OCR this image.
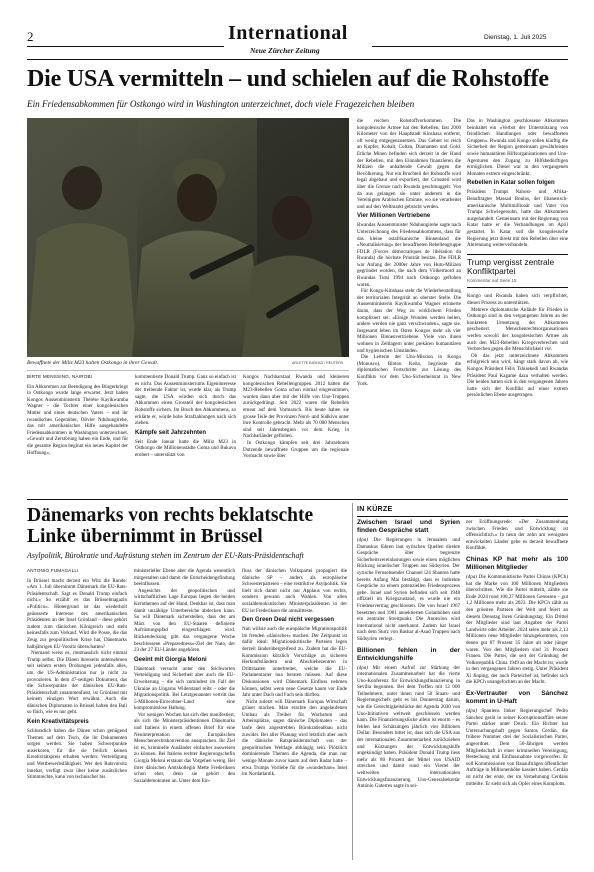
2	International
Neue Zürcher Zeitung
Dienstag, 1. Juli 2025
Die USA vermitteln – und schielen auf die Rohstoffe
Ein Friedensabkommen für Ostkongo wird in Washington unterzeichnet, doch viele Fragezeichen bleiben
Bewaffnete der Miliz M23 halten Ostkongo in ihrer Gewalt.	ARLETTE BASHIZI / REUTERS
BIRTE MENSSING, NAIROBI

Ein Abkommen zur Beendigung des Bürgerkriegs in Ostkongo wurde lange erwartet. Jetzt haben Kongos Aussenministerin Thérèse Kayikwamba Wagner – die Tochter einer kongolesischen Mutter und eines deutschen Vaters – und ihr rwandisches Gegenüber, Olivier Nduhungirehe, das mit amerikanischer Hilfe ausgehandelte Friedensabkommen in Washington unterzeichnet. «Gewalt und Zerstörung haben ein Ende, und für die gesamte Region beginnt ein neues Kapitel der Hoffnung»,

kommentierte Donald Trump. Ganz so einfach ist es nicht. Das Aussenministeriums Eigeninteresse der treibende Faktor ist, wurde klar, als Trump sagte, die USA würden sich durch das Abkommen einen Grossteil der kongolesischen Rohstoffe sichern. Im Bruch des Abkommens, so erklärte er, würde hohe Strafzahlungen nach sich ziehen.

Kämpfe seit Jahrzehnten

Seit Ende Januar hatte die Miliz M23 in Ostkongo die Millionenstädte Goma und Bukavu erobert – unterstützt von

Kongos Nachbarstaat Rwanda und kleineren kongolesischen Rebellengruppen. 2012 hatten die M23-Rebellen Goma schon einmal eingenommen, wurden dann aber mit der Hilfe von Uno-Truppen zurückgedrängt. Seit 2022 waren die Rebellen erneut auf dem Vormarsch. Bis heute haben sie grosse Teile der Provinzen Nord- und Südkivu unter ihre Kontrolle gebracht. Mehr als 70 000 Menschen sind seit Jahresbeginn vor dem Krieg in Nachbarländer geflohen.

In Ostkongo kämpfen seit drei Jahrzehnten Dutzende bewaffnete Gruppen um die regionale Vormacht sowie über

die reichen Rohstoffvorkommen. Die kongolesische Armee hat den Rebellen, fast 2000 Kilometer von der Hauptstadt Kinshasa entfernt, oft wenig entgegenzusetzen. Das Gebiet ist reich an Kupfer, Kobalt, Coltan, Diamanten und Gold. Etliche Minen befinden sich derzeit in der Hand der Rebellen, mit den Einnahmen finanzieren die Milizen die anhaltende Gewalt gegen die Bevölkerung. Nur ein Bruchteil der Rohstoffe wird legal abgebaut und exportiert, der Grossteil wird über die Grenze nach Rwanda geschmuggelt. Von da aus gelangen sie unter anderem in die Vereinigten Arabischen Emirate, wo sie verarbeitet und auf den Weltmarkt gebracht werden.

Vier Millionen Vertriebene

Rwandas Aussenminister Nduhungirehe sagte nach Unterzeichnung des Friedensabkommens, dass für das kleine ostafrikanische Binnenland die «Neutralisierung» der bewaffneten Rebellengruppe FDLR (Forces démocratiques de libération du Rwanda) die höchste Priorität besitze. Die FDLR war Anfang der 2000er Jahre von Hutu-Milizen gegründet worden, die nach dem Völkermord an Rwandas Tutsi 1994 nach Ostkongo geflohen waren.

Für Kongo-Kinshasa steht die Wiederherstellung der territorialen Integrität an oberster Stelle. Die Aussenministerin Kayikwamba Wagner erinnerte daran, dass der Weg zu wirklichem Frieden kompliziert sei: «Einige Wunden werden heilen, andere werden nie ganz verschwinden», sagte sie. Insgesamt leben im Osten Kongos mehr als vier Millionen Binnenvertriebene. Viele von ihnen wohnen in Zeltlagern unter prekären humanitären und hygienischen Umständen.

Die Leiterin der Uno-Mission in Kongo (Monusco), Bintou Keita, begrüsste die diplomatischen Fortschritte zur Lösung des Konflikts vor dem Uno-Sicherheitsrat in New York.

Das in Washington geschlossene Abkommen beinhaltet ein «Verbot der Unterstützung von feindlichen Handlungen oder bewaffneten Gruppen». Rwanda und Kongo sollen künftig die Sicherheit der Region gemeinsam gewährleisten sowie humanitären Hilfsorganisationen und Uno-Agenturen den Zugang zu Hilfsbedürftigen ermöglichen. Dieser war in den vergangenen Monaten extrem eingeschränkt.

Rebellen in Katar sollen folgen

Präsident Trumps Nahost- und Afrika-Beauftragter Massad Boulos, der libanesisch-amerikanische Multimillionär und Vater von Trumps Schwiegersohn, hatte das Abkommen ausgehandelt. Gemeinsam mit der Regierung von Katar hatte er die Verhandlungen im April gestartet. In Katar soll die kongolesische Regierung jetzt direkt mit den Rebellen über eine Abtrennung weiterverhandeln.

Trump vergisst zentrale Konfliktpartei
Kommentar auf Seite 15

Kongo und Rwanda haben sich verpflichtet, diesen Prozess zu unterstützen.

Mehrere diplomatische Anläufe für Frieden in Ostkongo sind in den vergangenen Jahren an der konkreten Umsetzung der Abkommen gescheitert. Menschenrechtsorganisationen werfen sowohl der kongolesischen Armee als auch den M23-Rebellen Kriegsverbrechen und Verbrechen gegen die Menschlichkeit vor.

Ob das jetzt unterzeichnete Abkommen erfolgreich sein wird, hängt stark davon ab, wie Kongos Präsident Félix Tshisekedi und Rwandas Präsident Paul Kagame dazu verhalten werden. Die beiden hatten sich in den vergangenen Jahren hatte sich der Konflikt auf einer extrem persönlichen Ebene ausgetragen.

Dänemarks von rechts beklatschte
Linke übernimmt in Brüssel
Asylpolitik, Bürokratie und Aufrüstung stehen im Zentrum der EU-Rats-Präsidentschaft
ANTONIO FUMAGALLI

In Brüssel macht derzeit ein Witz die Runde: «Am 1. Juli übernimmt Dänemark die EU-Rats-Präsidentschaft. Sagt es Donald Trump einfach nicht.» So erzählt es das Brüsselmagazin «Politico». Hintergrund ist das wiederholt geäusserte Interesse des amerikanischen Präsidenten an der Insel Grönland – diese gehört zudem zum dänischen Königreich und steht keinesfalls zum Verkauf. Wird die Posse, die das Zeug zur geopolitischen Krise hat, Dänemarks halbjährigen EU-Vorsitz überschatten?

Niemand weiss es, mutmasslich nicht einmal Trump selbst. Die Dänen ihrerseits unternehmen seit seinem ersten Drohungen jedenfalls alles, um die US-Administration nur ja nicht zu provozieren. In dem 47-seitigen Dokument, das die Schwerpunkte der dänischen EU-Rats-Präsidentschaft zusammenfasst, ist Grönland mit keinem einzigen Wort erwähnt. Auch die dänischen Diplomaten in Brüssel halten den Ball so flach, wie es nur geht.

Kein Kreativitätspreis

Schlussdich haben die Dänen schon genügend Themen auf dem Tisch, die ihr Dokumenten sorgen werden. Sie haben Schwerpunkte auserkoren, für die sie freilich keinen Kreativitätspreis erhalten werden: Verteidigung und Wettbewerbsfähigkeit. Wer den Ratsvorsitz innehat, verfügt zwar über keine zusätzlichen Stimmrechte, kann von technischer bis

ministerieller Ebene aber die Agenda wesentlich mitgestalten und damit die Entscheidungsfindung beeinflussen.

Angesichts der geopolitischen und wirtschaftlichen Lage Europas liegen die beiden Kernthemen auf der Hand. Denkbar ist, dass man damit unzählige Unterbereiche abdecken kann. So will Dänemark sicherstellen, dass der am März von den EU-Staaten definierte Aufrüstungspfad eingeschlagen wird. Rückendeckung gibt das vergangene Woche beschlossene «Preparedness»-Ziel der Nato, der 23 der 27 EU-Länder angehören.

Geeint mit Giorgia Meloni

Dänemark versucht unter den Stichworten Verteidigung und Sicherheit aber auch die EU-Erweiterung – die sich zumindest im Fall der Ukraine an Ungarns Widerstand reibt – oder die Migrationspolitik. Bei Letztgenannter vertritt das 5-Millionen-Einwohner-Land eine kompromisslose Haltung.

Vor wenigen Wochen hat sich dies manifestiert, als sich die Ministerpräsidentinnen Dänemarks und Italiens in einem offenen Brief für eine Neuinterpretation der Europäischen Menschenrechtskonvention aussprachen. Ihr Ziel ist es, kriminelle Ausländer einfacher ausweisen zu können. Bei Italiens rechter Regierungschefin Giorgia Meloni erstaunt das Vorgehen wenig. Bei ihrer dänischen Amtskollegin Mette Frederiksen schon eher, denn sie gehört den Sozialdemokraten an. Unter dem Ein-

fluss der dänischen Volkspartei propagiert die dänische SP – anders als europäische Schwesterparteien – eine restriktive Asylpolitik. Sie hielt sich damit nicht nur Applaus von rechts, sondern gewann auch Wahlen. Von allen sozialdemokratischen Ministerpräsidenten in der EU ist Frederiksen die amtsältteste.

Den Green Deal nicht vergessen

Nun willsie auch die europäische Migrationspolitik im frenden «dänischer» machen. Der Zeitpunkt ist dafür ideal: Migrationskritische Parteien legen derzeit länderübergreifend zu. Zudem hat die EU-Kommission kürzlich Vorschläge zu sicheren Herkunftsländern und Abschiebezentren in Drittstaaten unterbreitet, welche die EU-Parlamentarier nun beraten müssen. Auf diese Diskussionen wird Dänemark Einfluss nehmen können, selbst wenn neue Gesetze kaum vor Ende Jahr unter Dach und Fach sein dürften.

Nicht zuletzt will Dänemark Europas Wirtschaft grüner machen. Man erachte den angelaufenen Umbau als Treiber für Wachstum und Arbeitsplätze, sagen dänische Diplomaten – das laufe dem angestrebten Bürokratieabbau nicht zuwider. Bei aller Planung wird letztlich aber auch die dänische Ratspräsidentschaft von der geopolitischen Weltlage abhängig sein. Plötzlich dominierende Themen die Agenda, die man nur wenige Monate zuvor kaum auf dem Radar hatte – etwa Trumps Vorliebe für die «wunderbare» Insel im Nordatlantik.

IN KÜRZE
Zwischen Israel und Syrien finden Gespräche statt

(dpa) Die Regierungen in Jerusalem und Damaskus führen laut syrischen Quellen direkte Gespräche über begrenzte Sicherheitsvereinbarungen sowie einen möglichen Rückzug israelischer Truppen aus Südsyrien. Der syrische Fernsehsender Channel i24 Shanrea hatte bereits Anfang Mai bestätigt, dass es indirekte Gespräche zu einem potenziellen Friedensprozess gebe. Israel und Syrien befinden sich seit 1948 offiziell im Kriegszustand, es wurde nie ein Friedensvertrag geschlossen. Die von Israel 1967 besetzten und 1981 annektierten Golanhöhen sind ein zentraler Streitpunkt. Die Annexion wird international nicht anerkannt. Zudem hat Israel nach dem Sturz von Bashar al-Asad Truppen nach Südsyrien verlegt.

Billionen fehlen in der Entwicklungshilfe

(dpa) Mit einem Aufruf zur Stärkung der internationalen Zusammenarbeit hat die vierte Uno-Konferenz für Entwicklungsfinanzierung in Sevilla begonnen. Bei dem Treffen mit 12 000 Teilnehmern, unter ihnen rund 50 Staats- und Regierungschefs geht es bis Donnerstag darum, wie die Gerechtigkeitslücke der Agenda 2030 von Uno-Initiativen weltweit geschlossen werden kann. Die Finanzierungslücke allein ist enorm – es fehlen laut Schätzungen jährlich vier Billionen Dollar. Besonders bitter ist, dass sich die USA aus der internationalen Zusammenarbeit zurückziehen und Kürzungen der Entwicklungshilfe angekündigt haben. Präsident Donald Trump liess mehr als 80 Prozent der Mittel von USAID streichen und damit rund ein Viertel der weltweiten internationalen Entwicklungsfinanzierung. Uno-Generalsekretär António Guterres sagte in sei-

ner Eröffnungsrede: «Der Zusammenhang zwischen Frieden und Entwicklung ist offensichtlich.» In neun der zehn am wenigsten entwickelten Länder gebe es derzeit bewaffnete Konflikte.

Chinas KP hat mehr als 100 Millionen Mitglieder

(dpa) Die Kommunistische Partei Chinas (KPCh) hat die Marke von 100 Millionen Mitgliedern überschritten. Wie die Partei mitteilt, zählte sie Ende 2024 rund 100,27 Millionen Genossen – gut 1,2 Millionen mehr als 2023. Die KPCh zählt zu den grössten Parteien der Welt und feiert an diesem Dienstag ihren Gründungstag. Ein Drittel der Mitglieder sind laut Angaben der Partei Landwirte oder Arbeiter. 2024 seien mehr als 2,13 Millionen neue Mitglieder hinzugekommen, von denen gut 87 Prozent 35 Jahre alt oder jünger waren. Von den Mitgliedern sind 31 Prozent Frauen. Die Partei, die seit der Gründung der Volksrepublik China 1949 an der Macht ist, wurde in den vergangenen Jahren stetig. Unter Präsident Xi Jinping, der auch Parteichef ist, befindet sich die KPCh unangefochten an der Macht.

Ex-Vertrauter von Sánchez kommt in U-Haft

(dpa) Spaniens linker Regierungschef Pedro Sánchez gerät in seiner Korruptionsaffäre seiner Partei stärker unter Druck. Ein Richter hat Untersuchungshaft gegen Santos Cerdán, die frühere Nummer drei der Sozialistischen Partei, angeordnet. Dem 56-Jährigen werden Mitgliedschaft in einer kriminellen Vereinigung, Bestechung und Einflussnahme vorgeworfen. Er soll Kommissionen von Bauaufträgen öffentlicher Aufträge in Millionenhöhe kassiert haben. Cerdán ist nicht der erste, der im Vernehmung Cerdáns mitteilte. Er sieht sich als Opfer eines Komplotts.
